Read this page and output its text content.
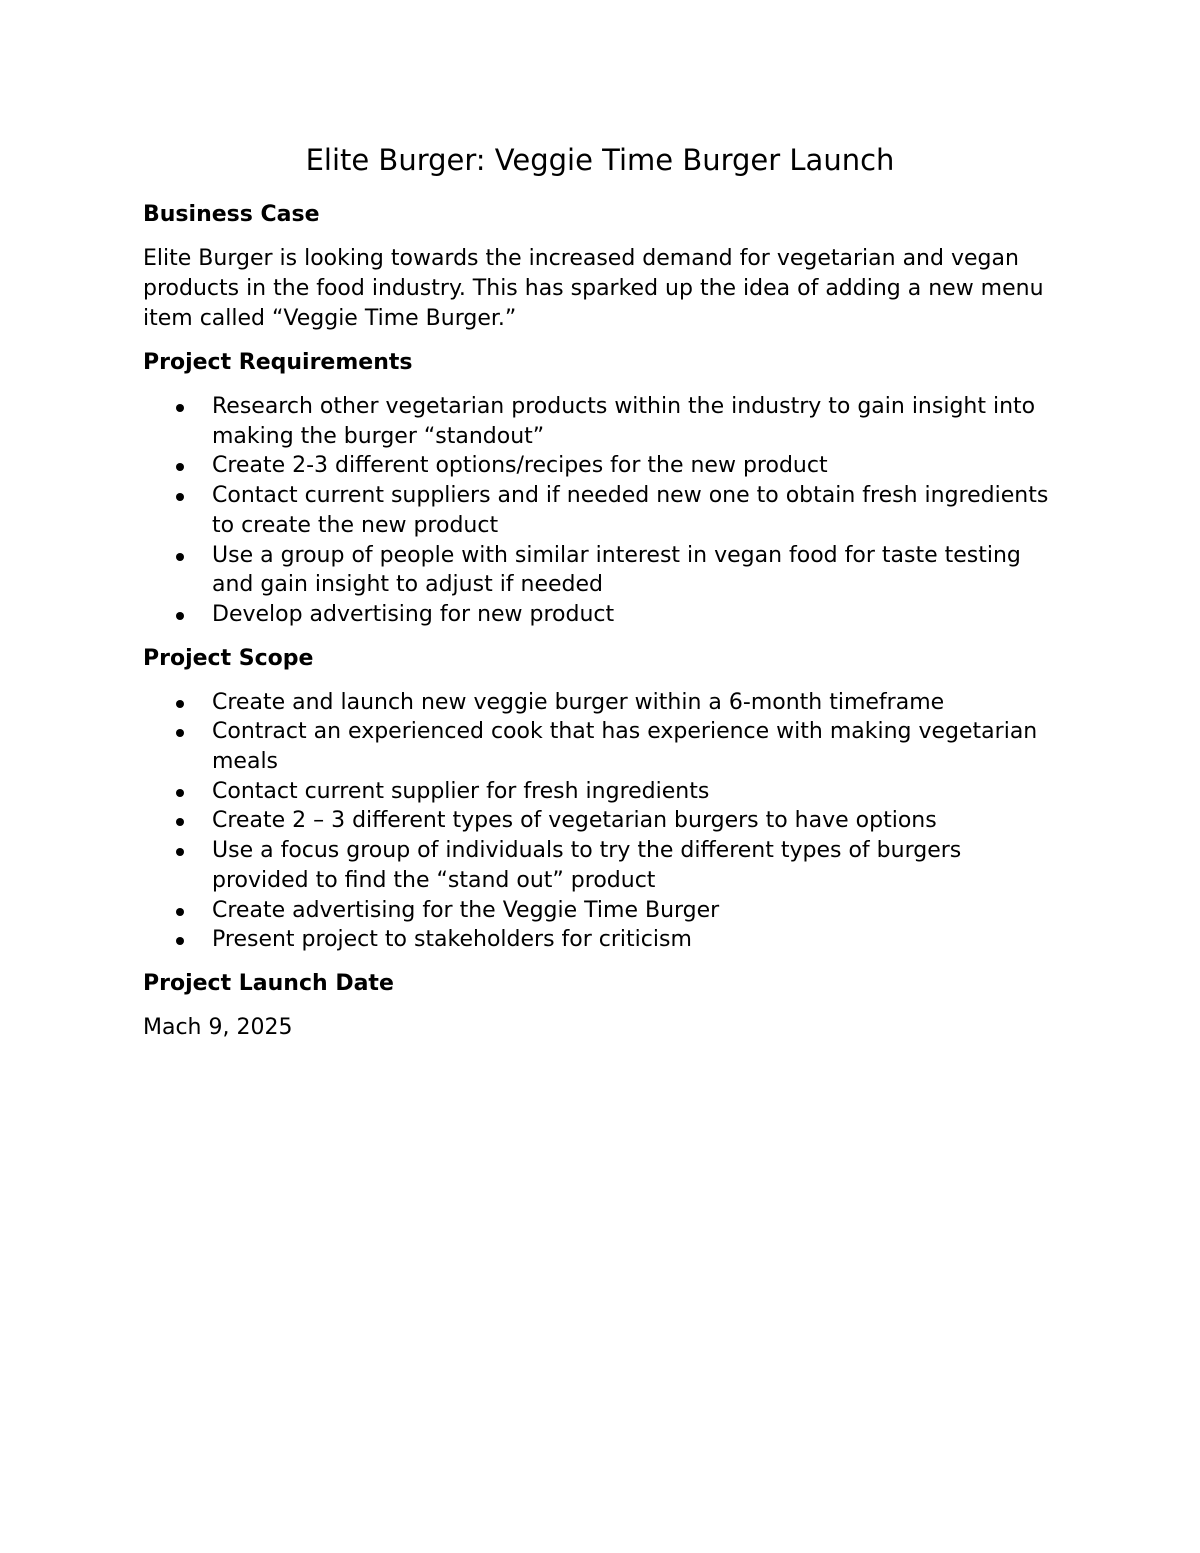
Elite Burger: Veggie Time Burger Launch
Business Case

Elite Burger is looking towards the increased demand for vegetarian and vegan products in the food industry. This has sparked up the idea of adding a new menu item called “Veggie Time Burger.”

Project Requirements
Research other vegetarian products within the industry to gain insight into making the burger “standout”
Create 2-3 different options/recipes for the new product
Contact current suppliers and if needed new one to obtain fresh ingredients to create the new product
Use a group of people with similar interest in vegan food for taste testing and gain insight to adjust if needed
Develop advertising for new product
Project Scope
Create and launch new veggie burger within a 6-month timeframe
Contract an experienced cook that has experience with making vegetarian meals
Contact current supplier for fresh ingredients
Create 2 – 3 different types of vegetarian burgers to have options
Use a focus group of individuals to try the different types of burgers provided to find the “stand out” product
Create advertising for the Veggie Time Burger
Present project to stakeholders for criticism
Project Launch Date

Mach 9, 2025
